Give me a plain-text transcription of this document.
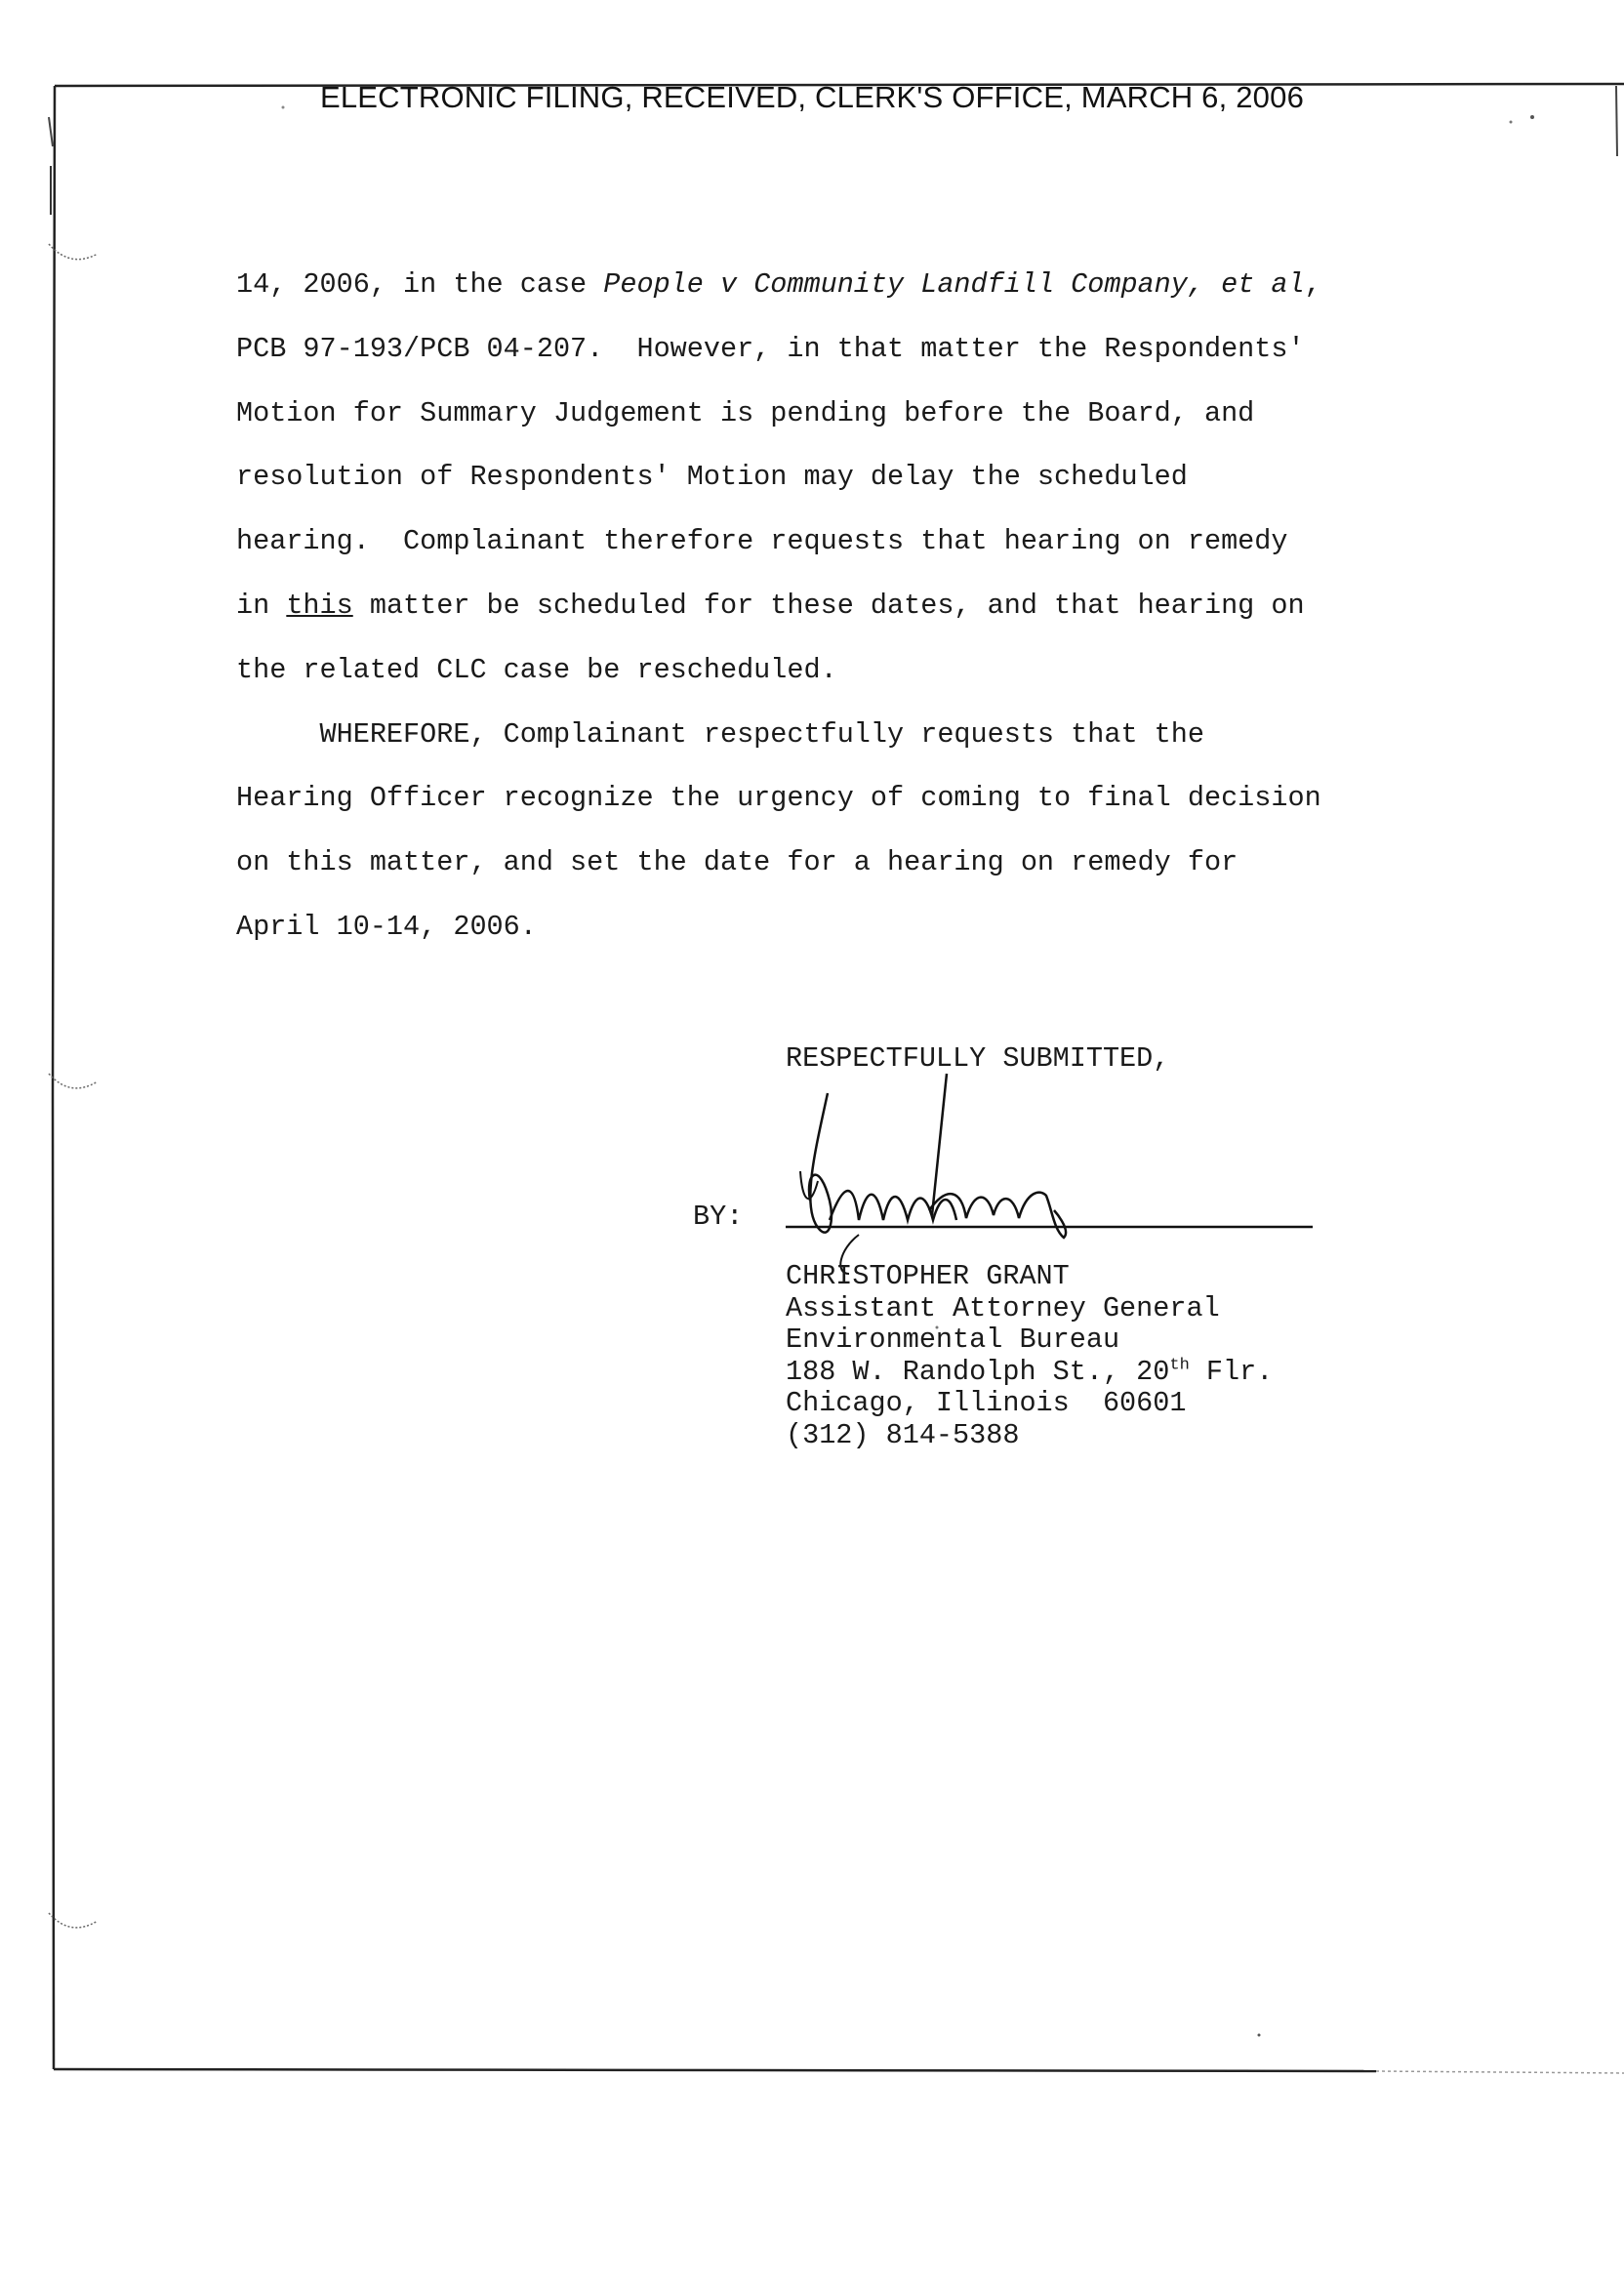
ELECTRONIC FILING, RECEIVED, CLERK'S OFFICE, MARCH 6, 2006
14, 2006, in the case People v Community Landfill Company, et al,
PCB 97-193/PCB 04-207.  However, in that matter the Respondents'
Motion for Summary Judgement is pending before the Board, and
resolution of Respondents' Motion may delay the scheduled
hearing.  Complainant therefore requests that hearing on remedy
in this matter be scheduled for these dates, and that hearing on
the related CLC case be rescheduled.
WHEREFORE, Complainant respectfully requests that the
Hearing Officer recognize the urgency of coming to final decision
on this matter, and set the date for a hearing on remedy for
April 10-14, 2006.
RESPECTFULLY SUBMITTED,
BY:
CHRISTOPHER GRANT
Assistant Attorney General
Environmental Bureau
188 W. Randolph St., 20th Flr.
Chicago, Illinois  60601
(312) 814-5388
